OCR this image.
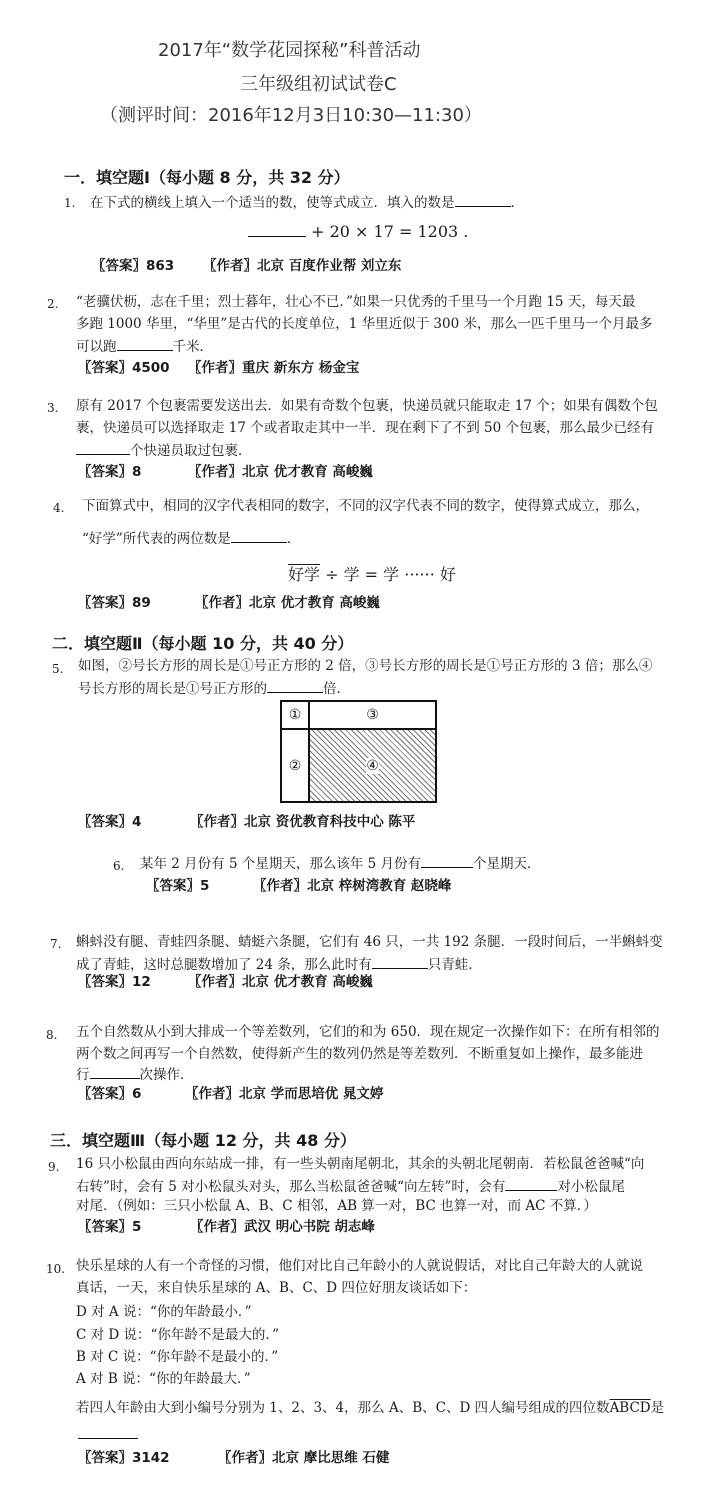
2017年“数学花园探秘”科普活动
三年级组初试试卷C
（测评时间：2016年12月3日10:30—11:30）
一．填空题Ⅰ（每小题 8 分，共 32 分）
1. 在下式的横线上填入一个适当的数，使等式成立．填入的数是	．
+ 20 × 17 = 1203 .
〖答案〗863 〖作者〗北京 百度作业帮 刘立东
2. “老骥伏枥，志在千里；烈士暮年，壮心不已．”如果一只优秀的千里马一个月跑 15 天，每天最
多跑 1000 华里，“华里”是古代的长度单位，1 华里近似于 300 米，那么一匹千里马一个月最多
可以跑	千米．
〖答案〗4500 〖作者〗重庆 新东方 杨金宝
3. 原有 2017 个包裹需要发送出去．如果有奇数个包裹，快递员就只能取走 17 个；如果有偶数个包
裹，快递员可以选择取走 17 个或者取走其中一半．现在剩下了不到 50 个包裹，那么最少已经有
个快递员取过包裹．
〖答案〗8	〖作者〗北京 优才教育 高峻巍
4. 下面算式中，相同的汉字代表相同的数字，不同的汉字代表不同的数字，使得算式成立，那么，
“好学”所代表的两位数是	．
好学 ÷ 学 = 学 ······ 好
〖答案〗89	〖作者〗北京 优才教育 高峻巍
二．填空题Ⅱ（每小题 10 分，共 40 分）
5. 如图，②号长方形的周长是①号正方形的 2 倍，③号长方形的周长是①号正方形的 3 倍；那么④
号长方形的周长是①号正方形的	倍．
①	③
②	④
〖答案〗4	〖作者〗北京 资优教育科技中心 陈平
6. 某年 2 月份有 5 个星期天，那么该年 5 月份有	个星期天．
〖答案〗5	〖作者〗北京 梓树湾教育 赵晓峰
7. 蝌蚪没有腿、青蛙四条腿、蜻蜓六条腿，它们有 46 只，一共 192 条腿．一段时间后，一半蝌蚪变
成了青蛙，这时总腿数增加了 24 条，那么此时有	只青蛙．
〖答案〗12	〖作者〗北京 优才教育 高峻巍
8. 五个自然数从小到大排成一个等差数列，它们的和为 650．现在规定一次操作如下：在所有相邻的
两个数之间再写一个自然数，使得新产生的数列仍然是等差数列．不断重复如上操作，最多能进
行	次操作．
〖答案〗6	〖作者〗北京 学而思培优 晁文婷
三．填空题Ⅲ（每小题 12 分，共 48 分）
9. 16 只小松鼠由西向东站成一排，有一些头朝南尾朝北，其余的头朝北尾朝南．若松鼠爸爸喊“向
右转”时，会有 5 对小松鼠头对头，那么当松鼠爸爸喊“向左转”时，会有	对小松鼠尾
对尾．（例如：三只小松鼠 A、B、C 相邻，AB 算一对，BC 也算一对，而 AC 不算．）
〖答案〗5	〖作者〗武汉 明心书院 胡志峰
10. 快乐星球的人有一个奇怪的习惯，他们对比自己年龄小的人就说假话，对比自己年龄大的人就说
真话，一天，来自快乐星球的 A、B、C、D 四位好朋友谈话如下：
D 对 A 说：“你的年龄最小．”
C 对 D 说：“你年龄不是最大的．”
B 对 C 说：“你年龄不是最小的．”
A 对 B 说：“你的年龄最大．”
若四人年龄由大到小编号分别为 1、2、3、4，那么 A、B、C、D 四人编号组成的四位数ABCD是
〖答案〗3142	〖作者〗北京 摩比思维 石健
